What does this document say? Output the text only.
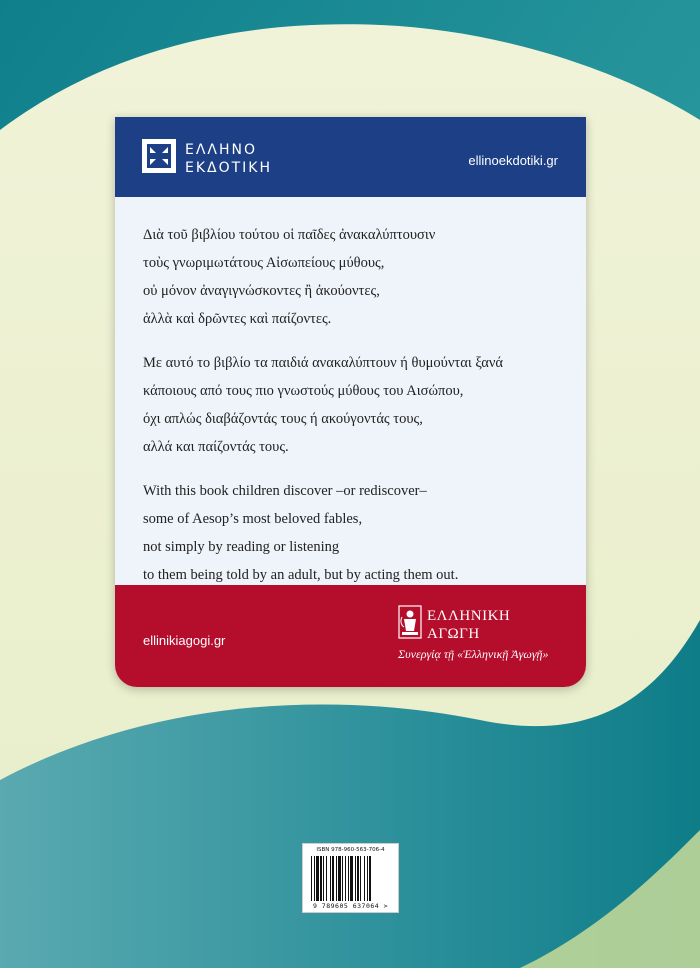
ΕΛΛΗΝΟ
ΕΚΔΟΤΙΚΗ	ellinoekdotiki.gr
Διὰ τοῦ βιβλίου τούτου οἱ παῖδες ἀνακαλύπτουσιν
τοὺς γνωριμωτάτους Αἰσωπείους μύθους,
οὐ μόνον ἀναγιγνώσκοντες ἢ ἀκούοντες,
ἀλλὰ καὶ δρῶντες καὶ παίζοντες.
Με αυτό το βιβλίο τα παιδιά ανακαλύπτουν ή θυμούνται ξανά
κάποιους από τους πιο γνωστούς μύθους του Αισώπου,
όχι απλώς διαβάζοντάς τους ή ακούγοντάς τους,
αλλά και παίζοντάς τους.
With this book children discover –or rediscover–
some of Aesop’s most beloved fables,
not simply by reading or listening
to them being told by an adult, but by acting them out.
ellinikiagogi.gr
ΕΛΛΗΝΙΚΗ
ΑΓΩΓΗ
Συνεργίᾳ τῇ «Ἑλληνικῇ Ἀγωγῇ»
ISBN 978-960-563-706-4
9 789605 637064 >
